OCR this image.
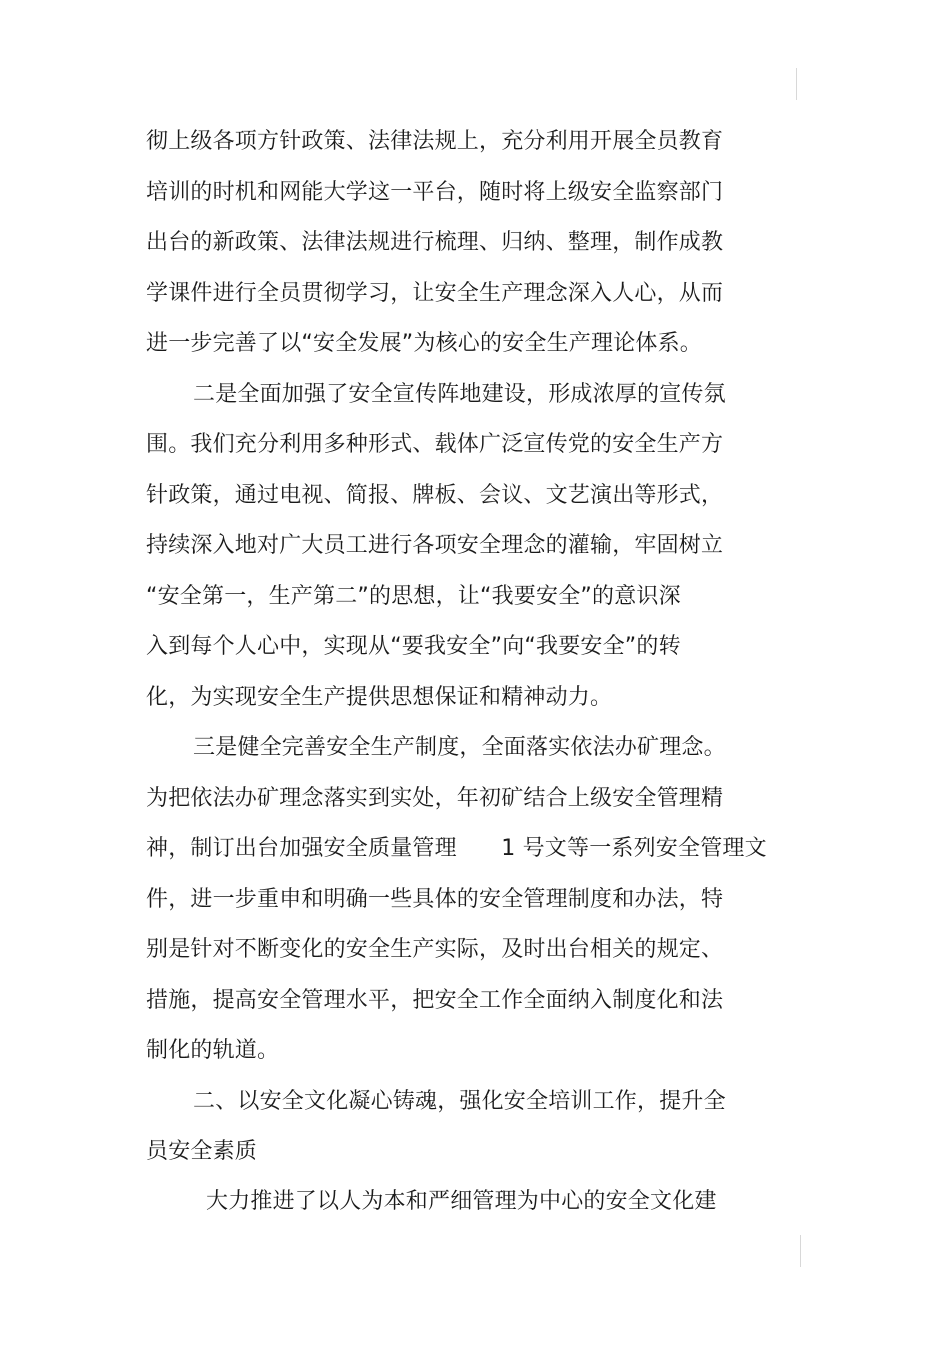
彻上级各项方针政策、法律法规上，充分利用开展全员教育
培训的时机和网能大学这一平台，随时将上级安全监察部门
出台的新政策、法律法规进行梳理、归纳、整理，制作成教
学课件进行全员贯彻学习，让安全生产理念深入人心，从而
进一步完善了以“安全发展”为核心的安全生产理论体系。
二是全面加强了安全宣传阵地建设，形成浓厚的宣传氛
围。我们充分利用多种形式、载体广泛宣传党的安全生产方
针政策，通过电视、简报、牌板、会议、文艺演出等形式，
持续深入地对广大员工进行各项安全理念的灌输，牢固树立
“安全第一，生产第二”的思想，让“我要安全”的意识深
入到每个人心中，实现从“要我安全”向“我要安全”的转
化，为实现安全生产提供思想保证和精神动力。
三是健全完善安全生产制度，全面落实依法办矿理念。
为把依法办矿理念落实到实处，年初矿结合上级安全管理精
神，制订出台加强安全质量管理　　1 号文等一系列安全管理文
件，进一步重申和明确一些具体的安全管理制度和办法，特
别是针对不断变化的安全生产实际，及时出台相关的规定、
措施，提高安全管理水平，把安全工作全面纳入制度化和法
制化的轨道。
二、以安全文化凝心铸魂，强化安全培训工作，提升全
员安全素质
大力推进了以人为本和严细管理为中心的安全文化建
